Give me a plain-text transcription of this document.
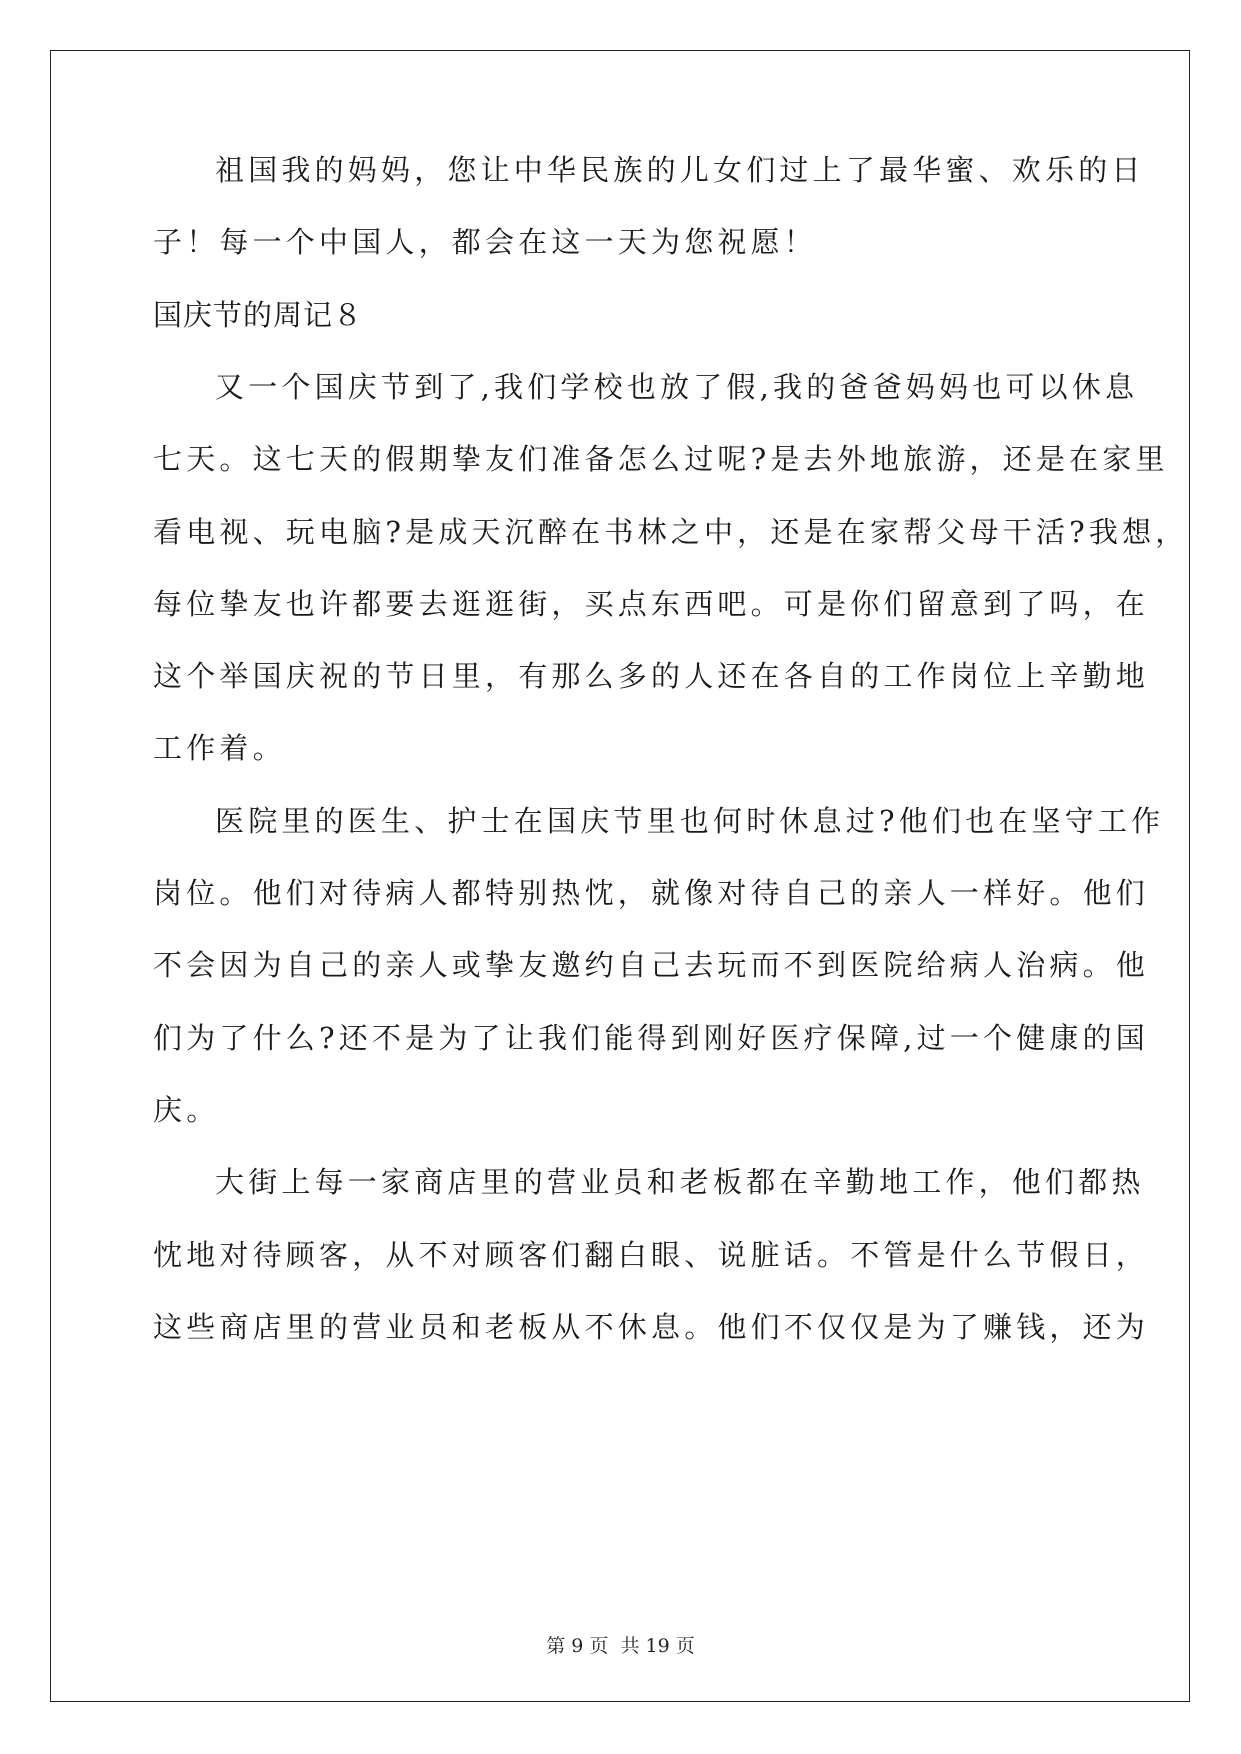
祖国我的妈妈，您让中华民族的儿女们过上了最华蜜、欢乐的日
子！每一个中国人，都会在这一天为您祝愿！
国庆节的周记８
又一个国庆节到了,我们学校也放了假,我的爸爸妈妈也可以休息
七天。这七天的假期挚友们准备怎么过呢?是去外地旅游，还是在家里
看电视、玩电脑?是成天沉醉在书林之中，还是在家帮父母干活?我想，
每位挚友也许都要去逛逛街，买点东西吧。可是你们留意到了吗，在
这个举国庆祝的节日里，有那么多的人还在各自的工作岗位上辛勤地
工作着。
医院里的医生、护士在国庆节里也何时休息过?他们也在坚守工作
岗位。他们对待病人都特别热忱，就像对待自己的亲人一样好。他们
不会因为自己的亲人或挚友邀约自己去玩而不到医院给病人治病。他
们为了什么?还不是为了让我们能得到刚好医疗保障,过一个健康的国
庆。
大街上每一家商店里的营业员和老板都在辛勤地工作，他们都热
忱地对待顾客，从不对顾客们翻白眼、说脏话。不管是什么节假日，
这些商店里的营业员和老板从不休息。他们不仅仅是为了赚钱，还为
第 9 页 共 19 页
